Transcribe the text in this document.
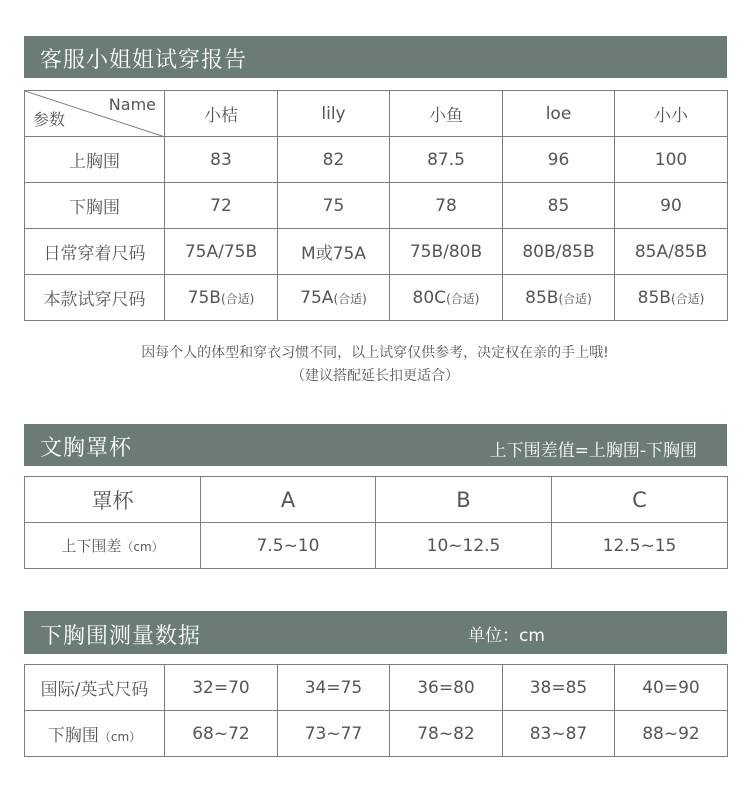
客服小姐姐试穿报告
Name
参数	小桔	lily	小鱼	loe	小小
上胸围	83	82	87.5	96	100
下胸围	72	75	78	85	90
日常穿着尺码	75A/75B	M或75A	75B/80B	80B/85B	85A/85B
本款试穿尺码	75B(合适)	75A(合适)	80C(合适)	85B(合适)	85B(合适)
因每个人的体型和穿衣习惯不同，以上试穿仅供参考，决定权在亲的手上哦!
（建议搭配延长扣更适合）
文胸罩杯	上下围差值=上胸围-下胸围
罩杯	A	B	C
上下围差（cm）	7.5~10	10~12.5	12.5~15
下胸围测量数据	单位：cm
国际/英式尺码	32=70	34=75	36=80	38=85	40=90
下胸围（cm）	68~72	73~77	78~82	83~87	88~92
